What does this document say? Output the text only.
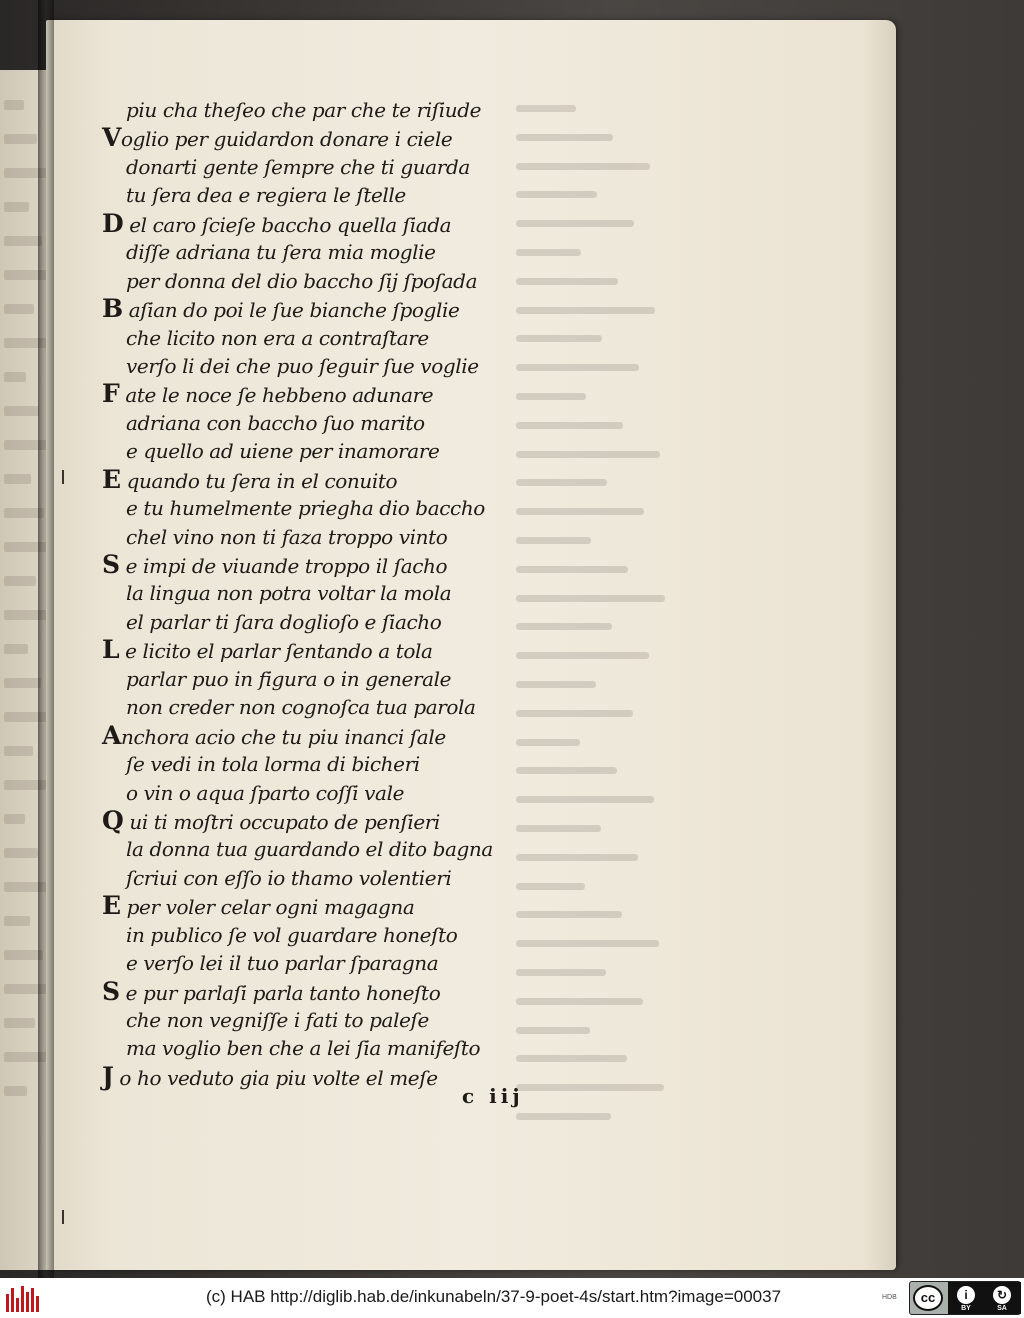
piu cha theſeo che par che te riſiude
Voglio per guidardon donare i ciele
donarti gente ſempre che ti guarda
tu ſera dea e regiera le ſtelle
D el caro ſcieſe baccho quella ſiada
diſſe adriana tu ſera mia moglie
per donna del dio baccho ſij ſpoſada
B aſian do poi le ſue bianche ſpoglie
che licito non era a contraſtare
verſo li dei che puo ſeguir ſue voglie
F ate le noce ſe hebbeno adunare
adriana con baccho ſuo marito
e quello ad uiene per inamorare
E quando tu ſera in el conuito
e tu humelmente priegha dio baccho
chel vino non ti faza troppo vinto
S e impi de viuande troppo il ſacho
la lingua non potra voltar la mola
el parlar ti ſara doglioſo e ſiacho
L e licito el parlar ſentando a tola
parlar puo in figura o in generale
non creder non cognoſca tua parola
Anchora acio che tu piu inanci ſale
ſe vedi in tola lorma di bicheri
o vin o aqua ſparto coſſi vale
Q ui ti moſtri occupato de penſieri
la donna tua guardando el dito bagna
ſcriui con eſſo io thamo volentieri
E per voler celar ogni magagna
in publico ſe vol guardare honeſto
e verſo lei il tuo parlar ſparagna
S e pur parlaſi parla tanto honeſto
che non vegniſſe i fati to paleſe
ma voglio ben che a lei ſia manifeſto
J o ho veduto gia piu volte el meſe
c iij
(c) HAB http://diglib.hab.de/inkunabeln/37-9-poet-4s/start.htm?image=00037	HDB	cc	i
BY
↻
SA
